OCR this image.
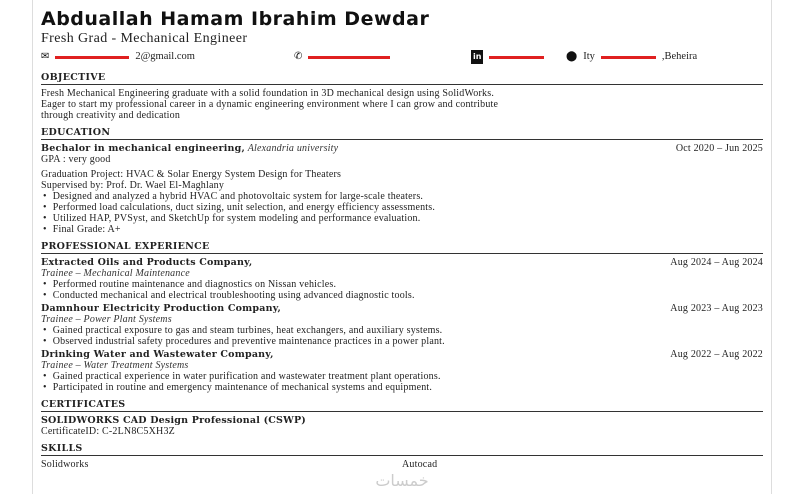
Abduallah Hamam Ibrahim Dewdar
Fresh Grad - Mechanical Engineer
✉	2@gmail.com	✆	in	⬤ Ity	,Beheira
OBJECTIVE
Fresh Mechanical Engineering graduate with a solid foundation in 3D mechanical design using SolidWorks.
Eager to start my professional career in a dynamic engineering environment where I can grow and contribute
through creativity and dedication
EDUCATION
Bechalor in mechanical engineering, Alexandria university	Oct 2020 – Jun 2025
GPA : very good
Graduation Project: HVAC & Solar Energy System Design for Theaters
Supervised by: Prof. Dr. Wael El-Maghlany
• Designed and analyzed a hybrid HVAC and photovoltaic system for large-scale theaters.
• Performed load calculations, duct sizing, unit selection, and energy efficiency assessments.
• Utilized HAP, PVSyst, and SketchUp for system modeling and performance evaluation.
• Final Grade: A+
PROFESSIONAL EXPERIENCE
Extracted Oils and Products Company,	Aug 2024 – Aug 2024
Trainee – Mechanical Maintenance
• Performed routine maintenance and diagnostics on Nissan vehicles.
• Conducted mechanical and electrical troubleshooting using advanced diagnostic tools.
Damnhour Electricity Production Company,	Aug 2023 – Aug 2023
Trainee – Power Plant Systems
• Gained practical exposure to gas and steam turbines, heat exchangers, and auxiliary systems.
• Observed industrial safety procedures and preventive maintenance practices in a power plant.
Drinking Water and Wastewater Company,	Aug 2022 – Aug 2022
Trainee – Water Treatment Systems
• Gained practical experience in water purification and wastewater treatment plant operations.
• Participated in routine and emergency maintenance of mechanical systems and equipment.
CERTIFICATES
SOLIDWORKS CAD Design Professional (CSWP)
CertificateID: C-2LN8C5XH3Z
SKILLS
Solidworks	Autocad
خمسات
